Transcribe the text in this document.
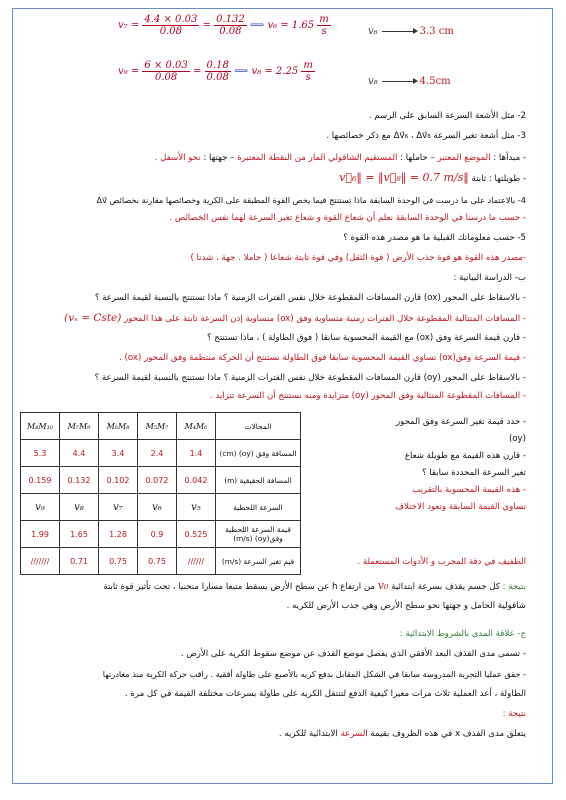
$v_7 = \frac{4.4 \times 0.03}{0.08} = \frac{0.132}{0.08}$ ⟺ $v_6 = 1.65 \frac{m}{s}$	v₆	3.3 cm
$v_9 = \frac{6 \times 0.03}{0.08} = \frac{0.18}{0.08}$ ⟺ $v_8 = 2.25 \frac{m}{s}$	v₈	4.5cm
2- مثل الأشعة السرعة السابق على الرسم .
3- مثل أشعة تغير السرعة Δv⃗₆ ، Δv⃗₈ مع ذكر خصائصها .
- مبدأها : الموضع المعتبر – حاملها : المستقيم الشاقولي المار من النقطة المعتبرة – جهتها : نحو الأسفل .
- طويلتها : ثابتة ‖v⃗₆‖ = ‖v⃗₈‖ = 0.7 m/s
4- بالاعتماد على ما درست في الوحدة السابقة ماذا تستنتج فيما يخص القوة المطبقة على الكرية وخصائصها مقارنة بخصائص Δv⃗
- حسب ما درسنا في الوحدة السابقة نعلم أن شعاع القوة و شعاع تغير السرعة لهما نفس الخصائص .
5- حسب معلوماتك القبلية ما هو مصدر هذه القوة ؟
-مصدر هذه القوة هو قوة جذب الأرض ( قوة الثقل) وفي قوة ثابتة شعاعا ( حاملا . جهة ، شدتا )
ب- الدراسة البيانية :
- بالاسقاط على المحور (ox) قارن المسافات المقطوعة خلال نفس الفترات الزمنية ؟ ماذا تستنتج بالنسبة لقيمة السرعة ؟
- المسافات المتتالية المقطوعة خلال الفترات زمنية متساوية وفق (ox) متساوية إذن السرعة ثابتة على هذا المحور (vₓ = Cste)
- قارن قيمة السرعة وفق (ox) مع القيمة المحسوبة سابقا ( فوق الطاولة ) ، ماذا تستنتج ؟
- قيمة السرعة وفق(ox) تساوي القيمة المحسوبة سابقا فوق الطاولة نستنتج أن الحركة منتظمة وفق المحور (ox) .
- بالاسقاط على المحور (oy) قارن المسافات المقطوعة خلال نفس الفترات الزمنية ؟ ماذا نستنتج بالنسبة لقيمة السرعة ؟
- المسافات المقطوعة المتتالية وفق المحور (oy) متزايدة ومنه نستنتج أن السرعة تتزايد .
M₈M₁₀	M₇M₉	M₆M₈	M₅M₇	M₄M₆	المجالات
5.3	4.4	3.4	2.4	1.4	المسافة وفق (oy) (cm)
0.159	0.132	0.102	0.072	0.042	المسافة الحقيقية (m)
v₉	v₈	v₇	v₆	v₅	السرعة اللحظية
1.99	1.65	1.28	0.9	0.525	قيمة السرعة اللحظية وفق(oy) (m/s)
///////	0.71	0.75	0.75	//////	قيم تغير السرعة (m/s)
- حدد قيمة تغير السرعة وفق المحور
(oy)
- قارن هذه القيمة مع طويلة شعاع
تغير السرعة المحددة سابقا ؟
- هذه القيمة المحسوبة بالتقريب
تساوي القيمة السابقة وتعود الاختلاف
الطفيف في دقة المجرب و الأدوات المستعملة .
نتيجة : كل جسم يقذف بسرعة ابتدائية v₀ من ارتفاع h عن سطح الأرض يسقط متبعا مسارا منحنيا ، تحت تأثير قوة ثابتة
شاقولية الحامل و جهتها نحو سطح الأرض وهي جذب الأرض للكريه .
ج- علاقة المدى بالشروط الابتدائية :
- تسمى مدى القذف البعد الأفقي الذي يفصل موضع القذف عن موضع سقوط الكريه على الأرض .
- حقق عمليا التجربة المدروسة سابقا في الشكل المقابل بدفع كريه بالأصبع على طاولة أفقية . راقب حركة الكرية منذ مغادرتها
الطاولة ، أعد العملية ثلاث مرات مغيرا كيفية الدفع لتنتقل الكريه على طاولة بسرعات مختلفة القيمة في كل مرة .
نتيجة :
يتعلق مدى القذف x في هذه الظروف بقيمة السرعة الابتدائية للكريه .
